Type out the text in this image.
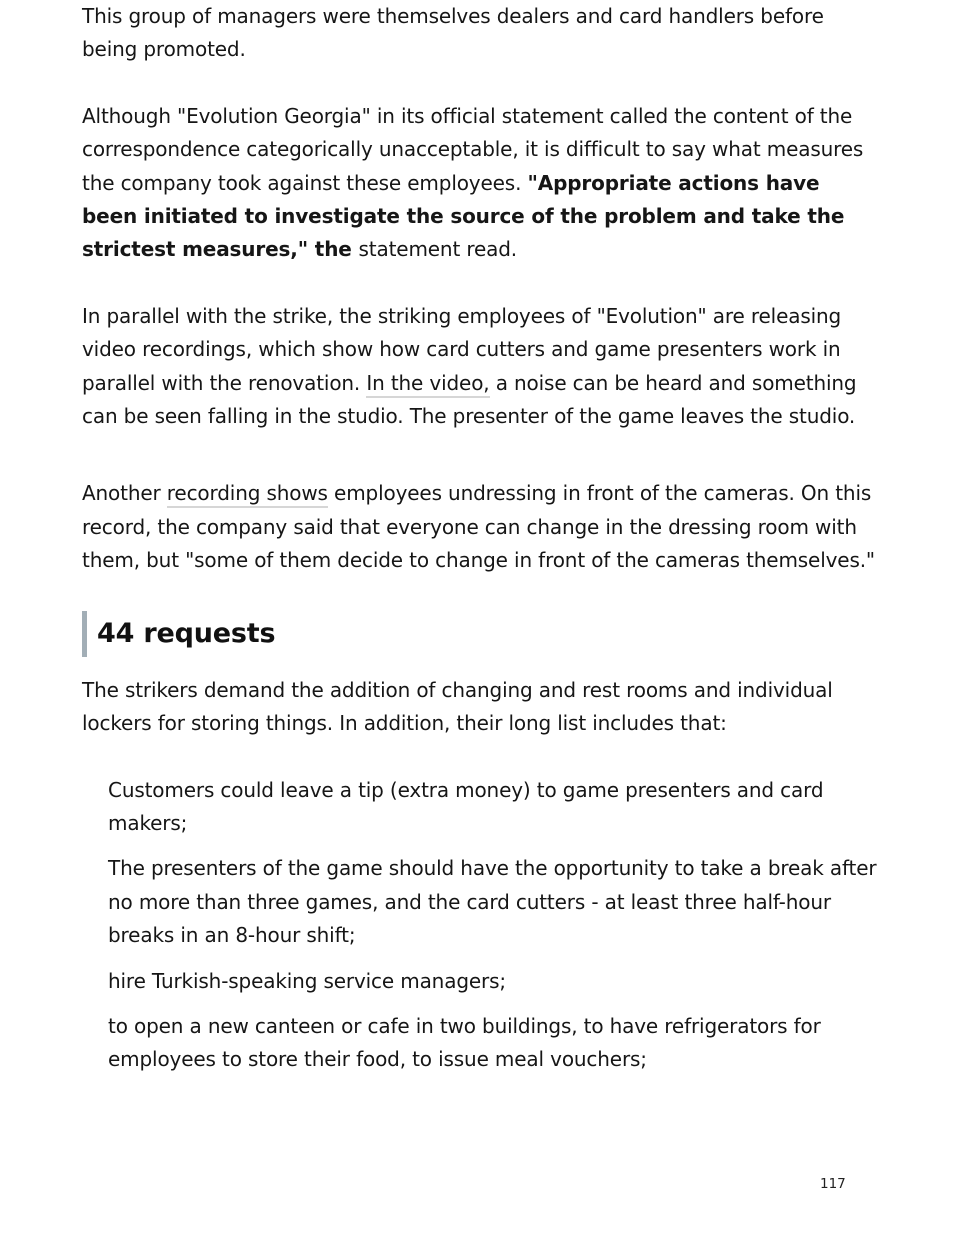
This group of managers were themselves dealers and card handlers before being promoted.

Although "Evolution Georgia" in its official statement called the content of the correspondence categorically unacceptable, it is difficult to say what measures the company took against these employees. "Appropriate actions have been initiated to investigate the source of the problem and take the strictest measures," the statement read.

In parallel with the strike, the striking employees of "Evolution" are releasing video recordings, which show how card cutters and game presenters work in parallel with the renovation. In the video, a noise can be heard and something can be seen falling in the studio. The presenter of the game leaves the studio.

Another recording shows employees undressing in front of the cameras. On this record, the company said that everyone can change in the dressing room with them, but "some of them decide to change in front of the cameras themselves."

44 requests

The strikers demand the addition of changing and rest rooms and individual lockers for storing things. In addition, their long list includes that:

Customers could leave a tip (extra money) to game presenters and card makers;
The presenters of the game should have the opportunity to take a break after no more than three games, and the card cutters - at least three half-hour breaks in an 8-hour shift;
hire Turkish-speaking service managers;
to open a new canteen or cafe in two buildings, to have refrigerators for employees to store their food, to issue meal vouchers;
117
